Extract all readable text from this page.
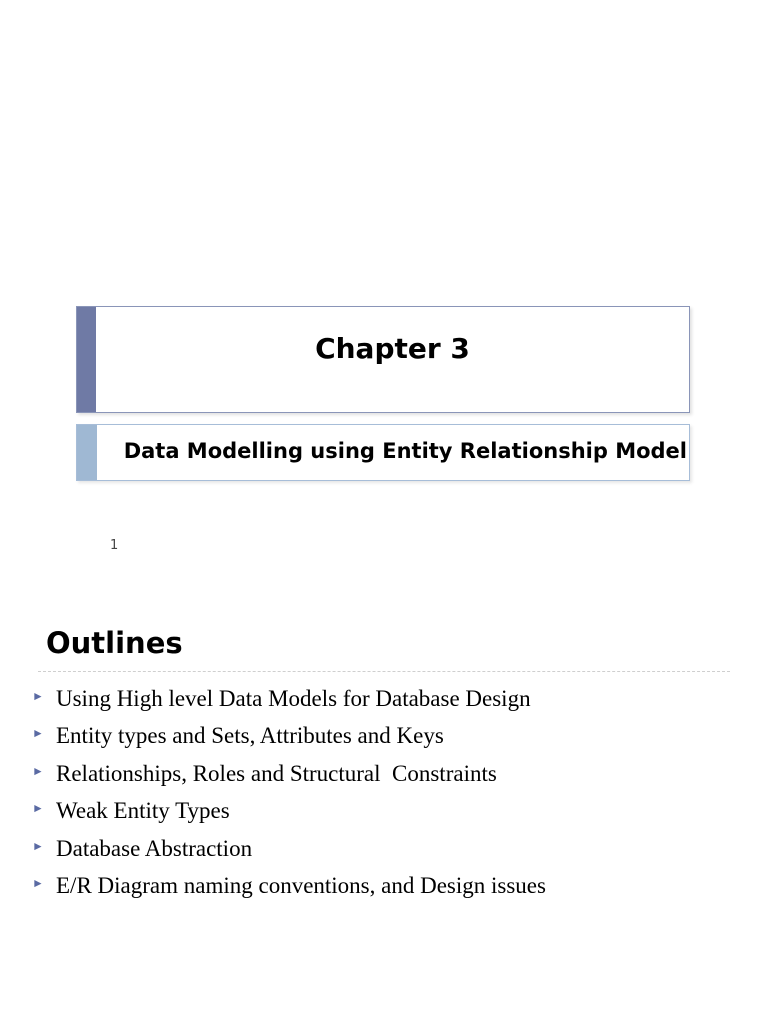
Chapter 3
Data Modelling using Entity Relationship Model
1
Outlines

►

Using High level Data Models for Database Design

►

Entity types and Sets, Attributes and Keys

►

Relationships, Roles and Structural  Constraints

►

Weak Entity Types

►

Database Abstraction

►

E/R Diagram naming conventions, and Design issues
